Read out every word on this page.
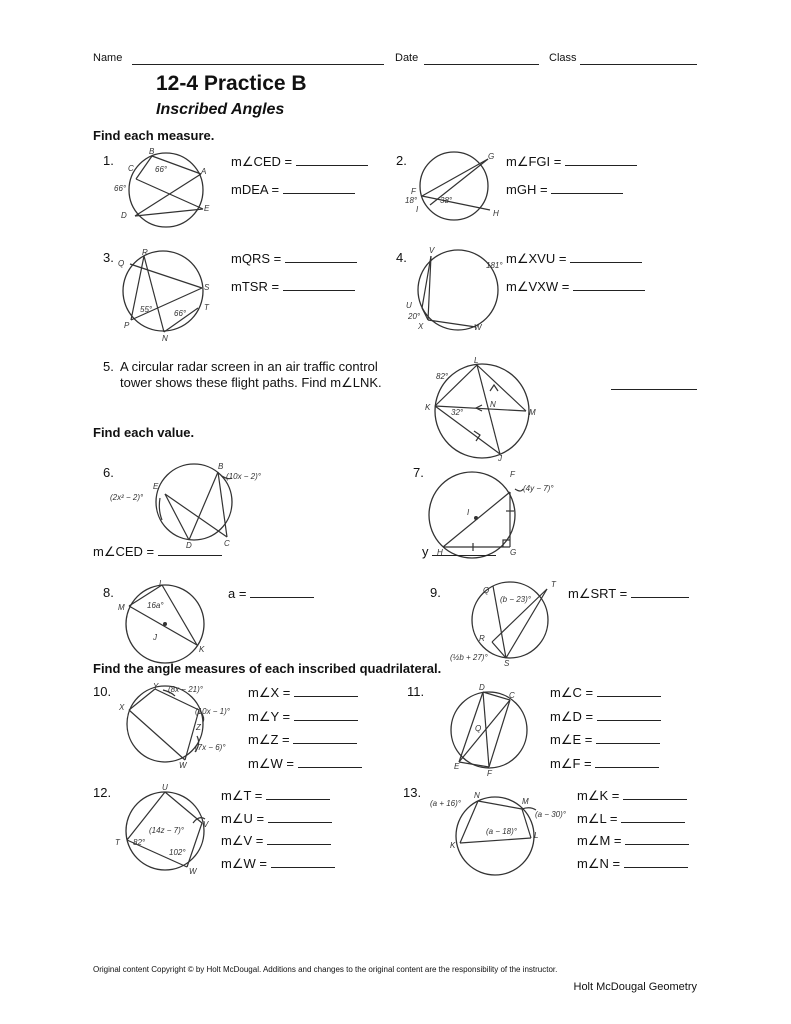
Name	Date	Class
12-4 Practice B
Inscribed Angles
Find each measure.
1.
B
C	A
D
E
66°
66°
m∠CED =
mDEA =
2.	G
F
I	H
18°	38°
m∠FGI =
mGH =
3.	R
Q
S
T
P
N
55°	66°
mQRS =
mTSR =
4.	V
181°
U
20°
X	W
m∠XVU =
m∠VXW =
5. A circular radar screen in an air traffic control
tower shows these flight paths. Find m∠LNK.
L
82°
K	N
M
32°
J
Find each value.
6.	B
(10x − 2)°
E
(2x² − 2)°
D	C
m∠CED =
7.	F
(4y − 7)°
I
H	G
y
8.
L
M	16a°
J
K
a =	9.	Q
T
(b − 23)°
R
(½b + 27)°
S
m∠SRT =
Find the angle measures of each inscribed quadrilateral.
10.	Y (8x − 21)°
X	(10x − 1)°
Z
(7x − 6)°
W
m∠X =
m∠Y =
m∠Z =
m∠W =
11.	D
C
Q
E
F
m∠C =
m∠D =
m∠E =
m∠F =
12.	U
(14z − 7)°
V
T 82°
102°
W
m∠T =
m∠U =
m∠V =
m∠W =
13.	N
(a + 16)°	M
(a − 30)°
(a − 18)° L
K
m∠K =
m∠L =
m∠M =
m∠N =
Original content Copyright © by Holt McDougal. Additions and changes to the original content are the responsibility of the instructor.
Holt McDougal Geometry
